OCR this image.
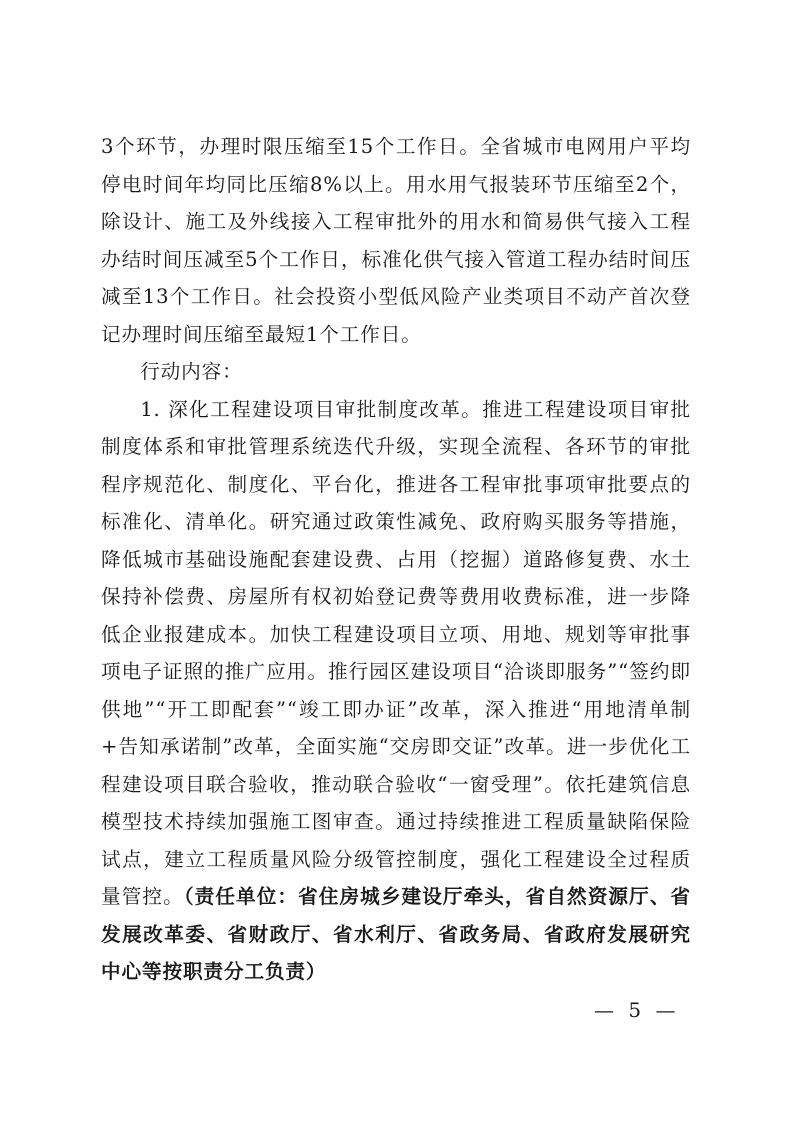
3个环节，办理时限压缩至15个工作日。全省城市电网用户平均停电时间年均同比压缩8%以上。用水用气报装环节压缩至2个，除设计、施工及外线接入工程审批外的用水和简易供气接入工程办结时间压减至5个工作日，标准化供气接入管道工程办结时间压减至13个工作日。社会投资小型低风险产业类项目不动产首次登记办理时间压缩至最短1个工作日。

行动内容：

1. 深化工程建设项目审批制度改革。推进工程建设项目审批制度体系和审批管理系统迭代升级，实现全流程、各环节的审批程序规范化、制度化、平台化，推进各工程审批事项审批要点的标准化、清单化。研究通过政策性减免、政府购买服务等措施，降低城市基础设施配套建设费、占用（挖掘）道路修复费、水土保持补偿费、房屋所有权初始登记费等费用收费标准，进一步降低企业报建成本。加快工程建设项目立项、用地、规划等审批事项电子证照的推广应用。推行园区建设项目“洽谈即服务”“签约即供地”“开工即配套”“竣工即办证”改革，深入推进“用地清单制+告知承诺制”改革，全面实施“交房即交证”改革。进一步优化工程建设项目联合验收，推动联合验收“一窗受理”。依托建筑信息模型技术持续加强施工图审查。通过持续推进工程质量缺陷保险试点，建立工程质量风险分级管控制度，强化工程建设全过程质量管控。（责任单位：省住房城乡建设厅牵头，省自然资源厅、省发展改革委、省财政厅、省水利厅、省政务局、省政府发展研究中心等按职责分工负责）

— 5 —
